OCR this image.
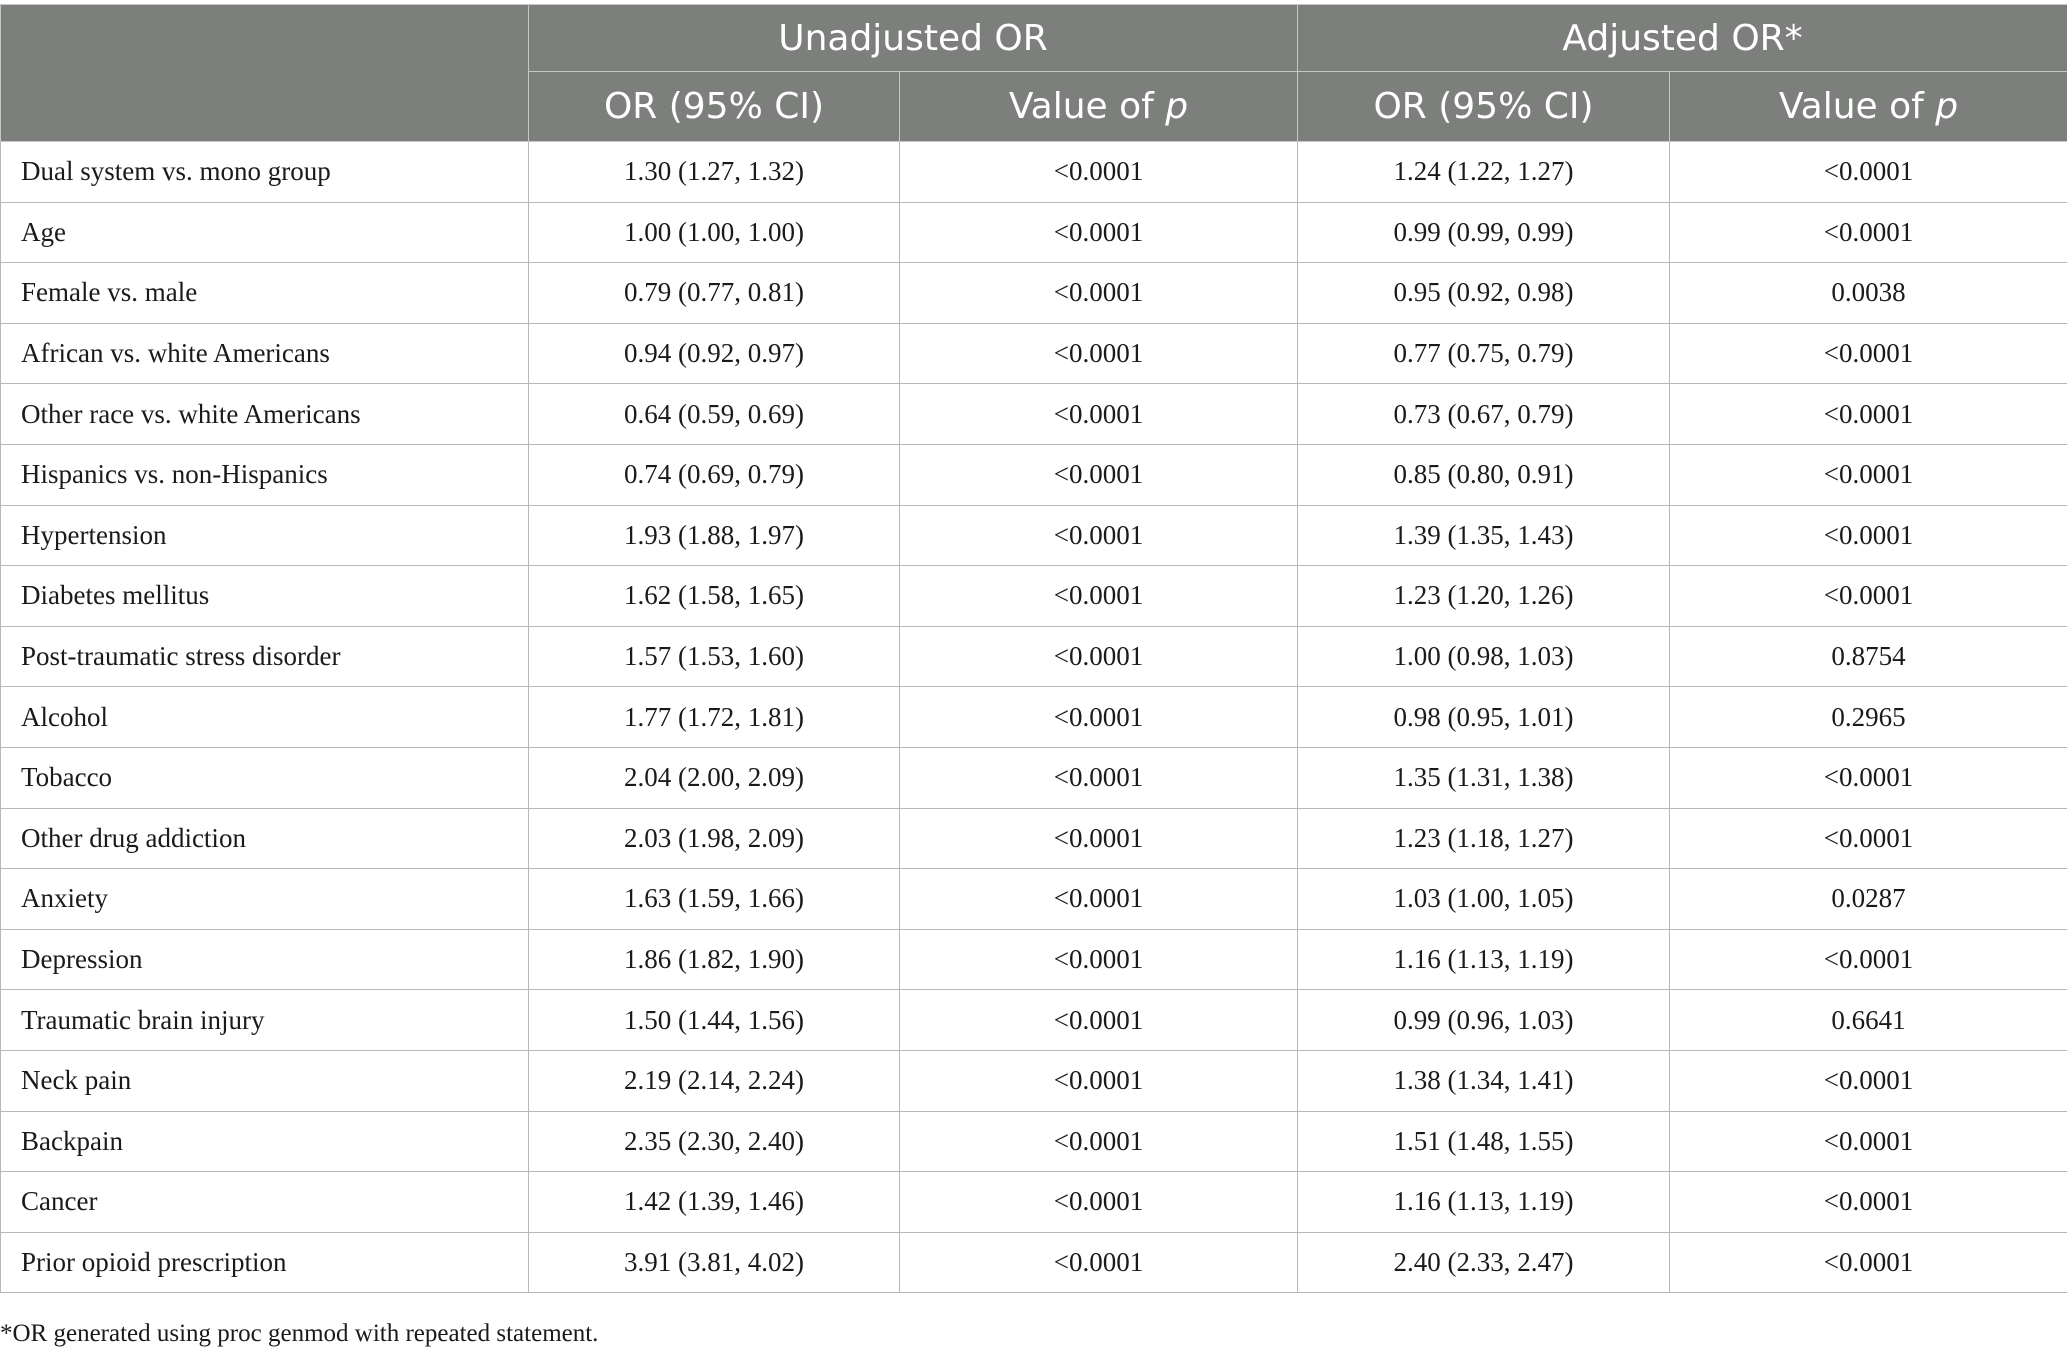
	Unadjusted OR		Adjusted OR*	
	OR (95% CI)	Value of p	OR (95% CI)	Value of p
Dual system vs. mono group	1.30 (1.27, 1.32)	<0.0001	1.24 (1.22, 1.27)	<0.0001
Age	1.00 (1.00, 1.00)	<0.0001	0.99 (0.99, 0.99)	<0.0001
Female vs. male	0.79 (0.77, 0.81)	<0.0001	0.95 (0.92, 0.98)	0.0038
African vs. white Americans	0.94 (0.92, 0.97)	<0.0001	0.77 (0.75, 0.79)	<0.0001
Other race vs. white Americans	0.64 (0.59, 0.69)	<0.0001	0.73 (0.67, 0.79)	<0.0001
Hispanics vs. non-Hispanics	0.74 (0.69, 0.79)	<0.0001	0.85 (0.80, 0.91)	<0.0001
Hypertension	1.93 (1.88, 1.97)	<0.0001	1.39 (1.35, 1.43)	<0.0001
Diabetes mellitus	1.62 (1.58, 1.65)	<0.0001	1.23 (1.20, 1.26)	<0.0001
Post-traumatic stress disorder	1.57 (1.53, 1.60)	<0.0001	1.00 (0.98, 1.03)	0.8754
Alcohol	1.77 (1.72, 1.81)	<0.0001	0.98 (0.95, 1.01)	0.2965
Tobacco	2.04 (2.00, 2.09)	<0.0001	1.35 (1.31, 1.38)	<0.0001
Other drug addiction	2.03 (1.98, 2.09)	<0.0001	1.23 (1.18, 1.27)	<0.0001
Anxiety	1.63 (1.59, 1.66)	<0.0001	1.03 (1.00, 1.05)	0.0287
Depression	1.86 (1.82, 1.90)	<0.0001	1.16 (1.13, 1.19)	<0.0001
Traumatic brain injury	1.50 (1.44, 1.56)	<0.0001	0.99 (0.96, 1.03)	0.6641
Neck pain	2.19 (2.14, 2.24)	<0.0001	1.38 (1.34, 1.41)	<0.0001
Backpain	2.35 (2.30, 2.40)	<0.0001	1.51 (1.48, 1.55)	<0.0001
Cancer	1.42 (1.39, 1.46)	<0.0001	1.16 (1.13, 1.19)	<0.0001
Prior opioid prescription	3.91 (3.81, 4.02)	<0.0001	2.40 (2.33, 2.47)	<0.0001
*OR generated using proc genmod with repeated statement.
